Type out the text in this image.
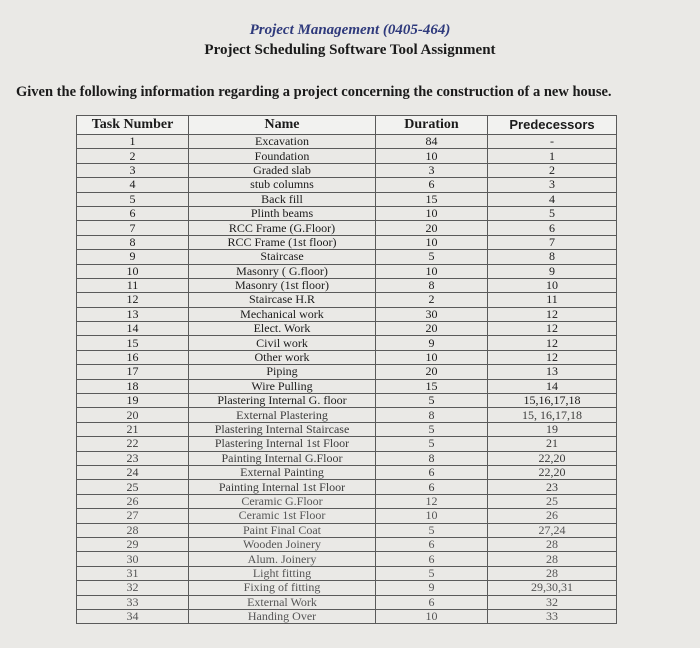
Project Management (0405-464)
Project Scheduling Software Tool Assignment
Given the following information regarding a project concerning the construction of a new house.
Task Number	Name	Duration	Predecessors
1	Excavation	84	-
2	Foundation	10	1
3	Graded slab	3	2
4	stub columns	6	3
5	Back fill	15	4
6	Plinth beams	10	5
7	RCC Frame (G.Floor)	20	6
8	RCC Frame (1st floor)	10	7
9	Staircase	5	8
10	Masonry ( G.floor)	10	9
11	Masonry (1st floor)	8	10
12	Staircase H.R	2	11
13	Mechanical work	30	12
14	Elect. Work	20	12
15	Civil work	9	12
16	Other work	10	12
17	Piping	20	13
18	Wire Pulling	15	14
19	Plastering Internal G. floor	5	15,16,17,18
20	External Plastering	8	15, 16,17,18
21	Plastering Internal Staircase	5	19
22	Plastering Internal 1st Floor	5	21
23	Painting Internal G.Floor	8	22,20
24	External Painting	6	22,20
25	Painting Internal 1st Floor	6	23
26	Ceramic G.Floor	12	25
27	Ceramic 1st Floor	10	26
28	Paint Final Coat	5	27,24
29	Wooden Joinery	6	28
30	Alum. Joinery	6	28
31	Light fitting	5	28
32	Fixing of fitting	9	29,30,31
33	External Work	6	32
34	Handing Over	10	33
